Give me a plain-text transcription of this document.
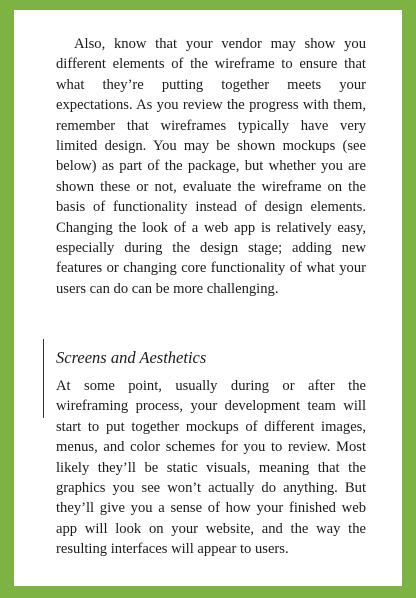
Also, know that your vendor may show you different elements of the wireframe to ensure that what they’re putting together meets your expectations. As you review the progress with them, remember that wireframes typically have very limited design. You may be shown mockups (see below) as part of the package, but whether you are shown these or not, evaluate the wireframe on the basis of functionality instead of design elements. Changing the look of a web app is relatively easy, especially during the design stage; adding new features or changing core functionality of what your users can do can be more challenging.

Screens and Aesthetics

At some point, usually during or after the wireframing process, your development team will start to put together mockups of different images, menus, and color schemes for you to review. Most likely they’ll be static visuals, meaning that the graphics you see won’t actually do anything. But they’ll give you a sense of how your finished web app will look on your website, and the way the resulting interfaces will appear to users.
